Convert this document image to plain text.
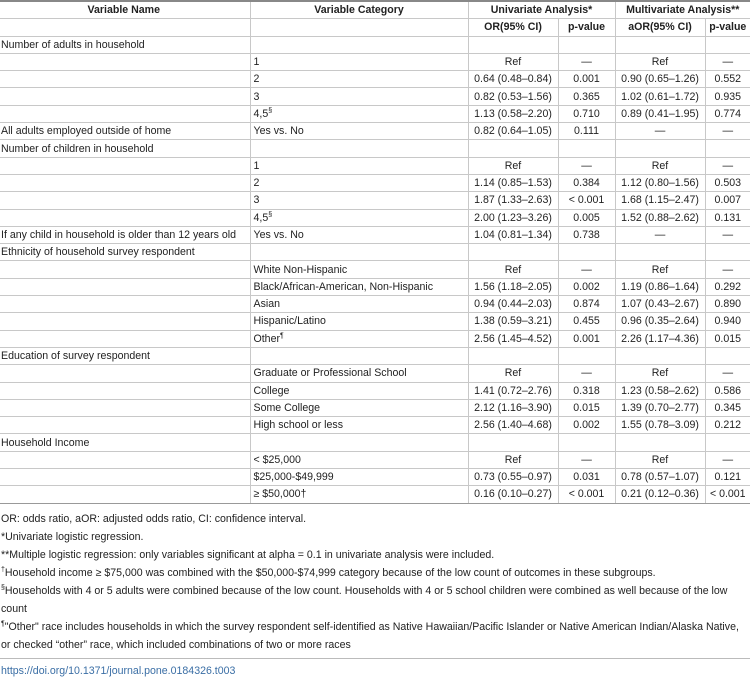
Variable Name	Variable Category	Univariate Analysis*		Multivariate Analysis**	
		OR(95% CI)	p-value	aOR(95% CI)	p-value
Number of adults in household					
	1	Ref	—	Ref	—
	2	0.64 (0.48–0.84)	0.001	0.90 (0.65–1.26)	0.552
	3	0.82 (0.53–1.56)	0.365	1.02 (0.61–1.72)	0.935
	4,5§	1.13 (0.58–2.20)	0.710	0.89 (0.41–1.95)	0.774
All adults employed outside of home	Yes vs. No	0.82 (0.64–1.05)	0.111	—	—
Number of children in household					
	1	Ref	—	Ref	—
	2	1.14 (0.85–1.53)	0.384	1.12 (0.80–1.56)	0.503
	3	1.87 (1.33–2.63)	< 0.001	1.68 (1.15–2.47)	0.007
	4,5§	2.00 (1.23–3.26)	0.005	1.52 (0.88–2.62)	0.131
If any child in household is older than 12 years old	Yes vs. No	1.04 (0.81–1.34)	0.738	—	—
Ethnicity of household survey respondent					
	White Non-Hispanic	Ref	—	Ref	—
	Black/African-American, Non-Hispanic	1.56 (1.18–2.05)	0.002	1.19 (0.86–1.64)	0.292
	Asian	0.94 (0.44–2.03)	0.874	1.07 (0.43–2.67)	0.890
	Hispanic/Latino	1.38 (0.59–3.21)	0.455	0.96 (0.35–2.64)	0.940
	Other¶	2.56 (1.45–4.52)	0.001	2.26 (1.17–4.36)	0.015
Education of survey respondent					
	Graduate or Professional School	Ref	—	Ref	—
	College	1.41 (0.72–2.76)	0.318	1.23 (0.58–2.62)	0.586
	Some College	2.12 (1.16–3.90)	0.015	1.39 (0.70–2.77)	0.345
	High school or less	2.56 (1.40–4.68)	0.002	1.55 (0.78–3.09)	0.212
Household Income					
	< $25,000	Ref	—	Ref	—
	$25,000-$49,999	0.73 (0.55–0.97)	0.031	0.78 (0.57–1.07)	0.121
	≥ $50,000†	0.16 (0.10–0.27)	< 0.001	0.21 (0.12–0.36)	< 0.001
OR: odds ratio, aOR: adjusted odds ratio, CI: confidence interval.
*Univariate logistic regression.
**Multiple logistic regression: only variables significant at alpha = 0.1 in univariate analysis were included.
†Household income ≥ $75,000 was combined with the $50,000-$74,999 category because of the low count of outcomes in these subgroups.
§Households with 4 or 5 adults were combined because of the low count. Households with 4 or 5 school children were combined as well because of the low count
¶"Other" race includes households in which the survey respondent self-identified as Native Hawaiian/Pacific Islander or Native American Indian/Alaska Native, or checked “other” race, which included combinations of two or more races
https://doi.org/10.1371/journal.pone.0184326.t003
